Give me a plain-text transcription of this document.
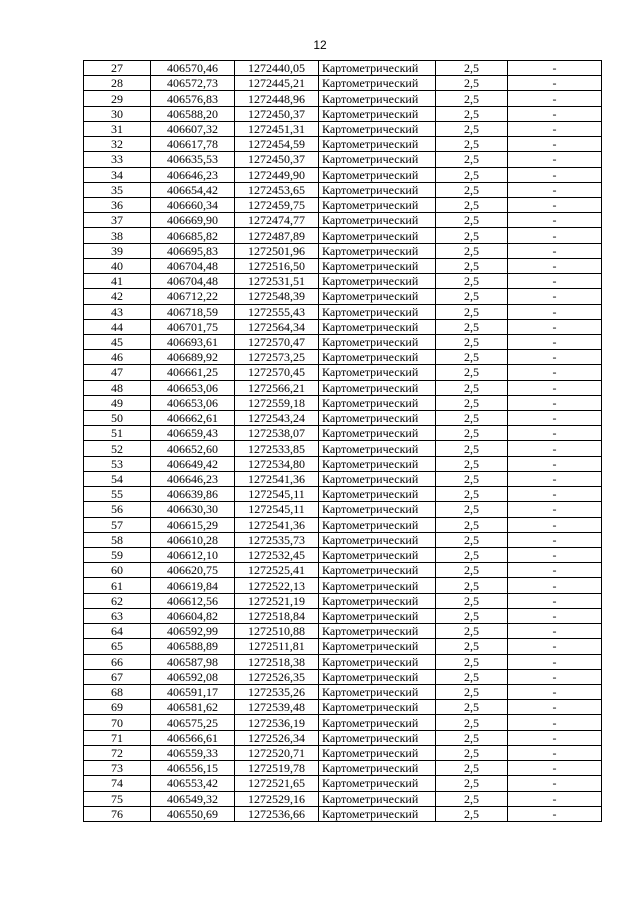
12
27	406570,46	1272440,05	Картометрический	2,5	-
28	406572,73	1272445,21	Картометрический	2,5	-
29	406576,83	1272448,96	Картометрический	2,5	-
30	406588,20	1272450,37	Картометрический	2,5	-
31	406607,32	1272451,31	Картометрический	2,5	-
32	406617,78	1272454,59	Картометрический	2,5	-
33	406635,53	1272450,37	Картометрический	2,5	-
34	406646,23	1272449,90	Картометрический	2,5	-
35	406654,42	1272453,65	Картометрический	2,5	-
36	406660,34	1272459,75	Картометрический	2,5	-
37	406669,90	1272474,77	Картометрический	2,5	-
38	406685,82	1272487,89	Картометрический	2,5	-
39	406695,83	1272501,96	Картометрический	2,5	-
40	406704,48	1272516,50	Картометрический	2,5	-
41	406704,48	1272531,51	Картометрический	2,5	-
42	406712,22	1272548,39	Картометрический	2,5	-
43	406718,59	1272555,43	Картометрический	2,5	-
44	406701,75	1272564,34	Картометрический	2,5	-
45	406693,61	1272570,47	Картометрический	2,5	-
46	406689,92	1272573,25	Картометрический	2,5	-
47	406661,25	1272570,45	Картометрический	2,5	-
48	406653,06	1272566,21	Картометрический	2,5	-
49	406653,06	1272559,18	Картометрический	2,5	-
50	406662,61	1272543,24	Картометрический	2,5	-
51	406659,43	1272538,07	Картометрический	2,5	-
52	406652,60	1272533,85	Картометрический	2,5	-
53	406649,42	1272534,80	Картометрический	2,5	-
54	406646,23	1272541,36	Картометрический	2,5	-
55	406639,86	1272545,11	Картометрический	2,5	-
56	406630,30	1272545,11	Картометрический	2,5	-
57	406615,29	1272541,36	Картометрический	2,5	-
58	406610,28	1272535,73	Картометрический	2,5	-
59	406612,10	1272532,45	Картометрический	2,5	-
60	406620,75	1272525,41	Картометрический	2,5	-
61	406619,84	1272522,13	Картометрический	2,5	-
62	406612,56	1272521,19	Картометрический	2,5	-
63	406604,82	1272518,84	Картометрический	2,5	-
64	406592,99	1272510,88	Картометрический	2,5	-
65	406588,89	1272511,81	Картометрический	2,5	-
66	406587,98	1272518,38	Картометрический	2,5	-
67	406592,08	1272526,35	Картометрический	2,5	-
68	406591,17	1272535,26	Картометрический	2,5	-
69	406581,62	1272539,48	Картометрический	2,5	-
70	406575,25	1272536,19	Картометрический	2,5	-
71	406566,61	1272526,34	Картометрический	2,5	-
72	406559,33	1272520,71	Картометрический	2,5	-
73	406556,15	1272519,78	Картометрический	2,5	-
74	406553,42	1272521,65	Картометрический	2,5	-
75	406549,32	1272529,16	Картометрический	2,5	-
76	406550,69	1272536,66	Картометрический	2,5	-
